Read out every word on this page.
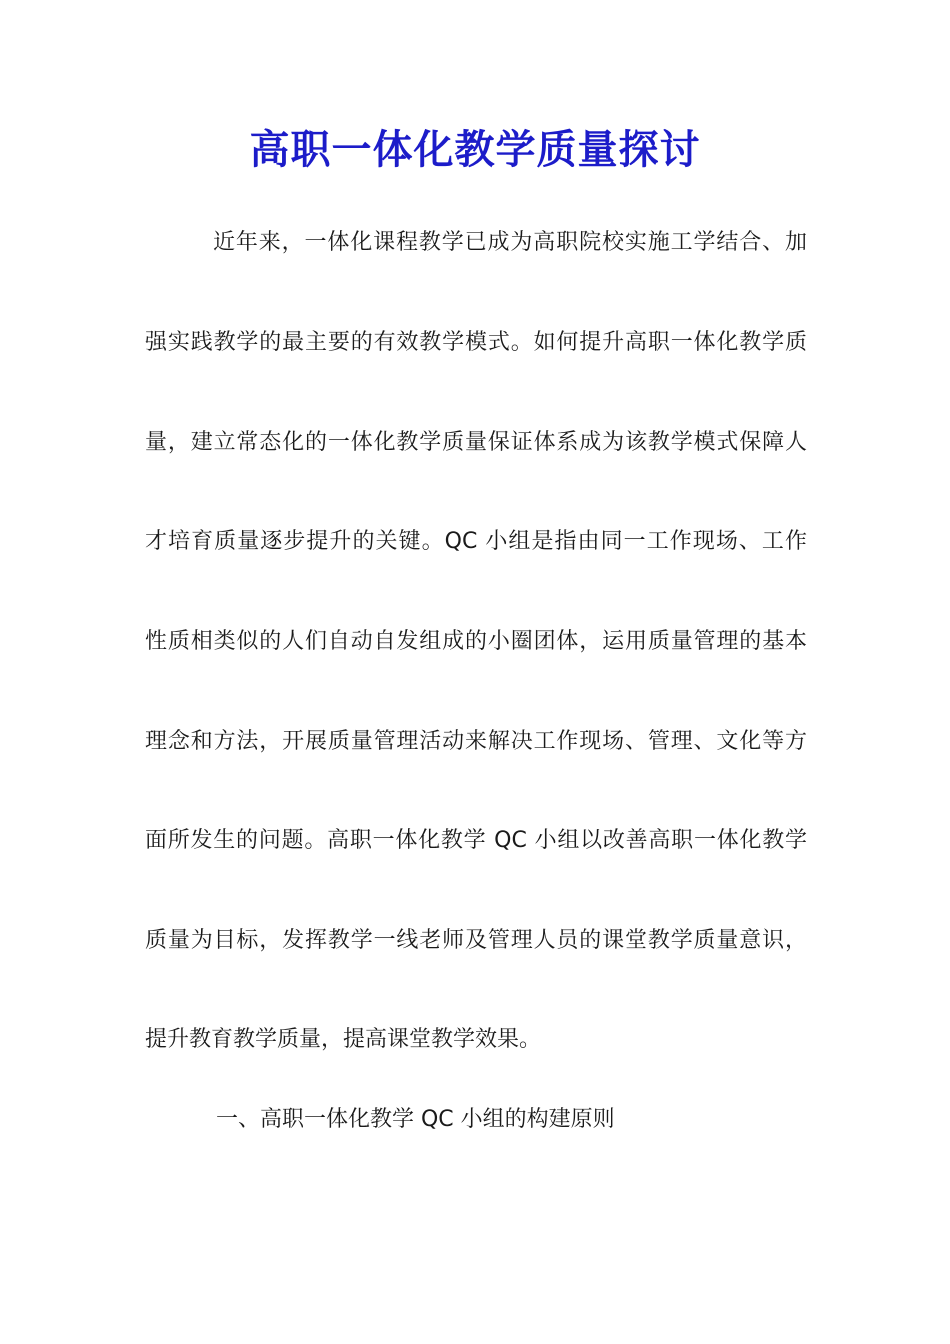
高职一体化教学质量探讨
近年来，一体化课程教学已成为高职院校实施工学结合、加
强实践教学的最主要的有效教学模式。如何提升高职一体化教学质
量，建立常态化的一体化教学质量保证体系成为该教学模式保障人
才培育质量逐步提升的关键。QC 小组是指由同一工作现场、工作
性质相类似的人们自动自发组成的小圈团体，运用质量管理的基本
理念和方法，开展质量管理活动来解决工作现场、管理、文化等方
面所发生的问题。高职一体化教学 QC 小组以改善高职一体化教学
质量为目标，发挥教学一线老师及管理人员的课堂教学质量意识，
提升教育教学质量，提高课堂教学效果。
一、高职一体化教学 QC 小组的构建原则
